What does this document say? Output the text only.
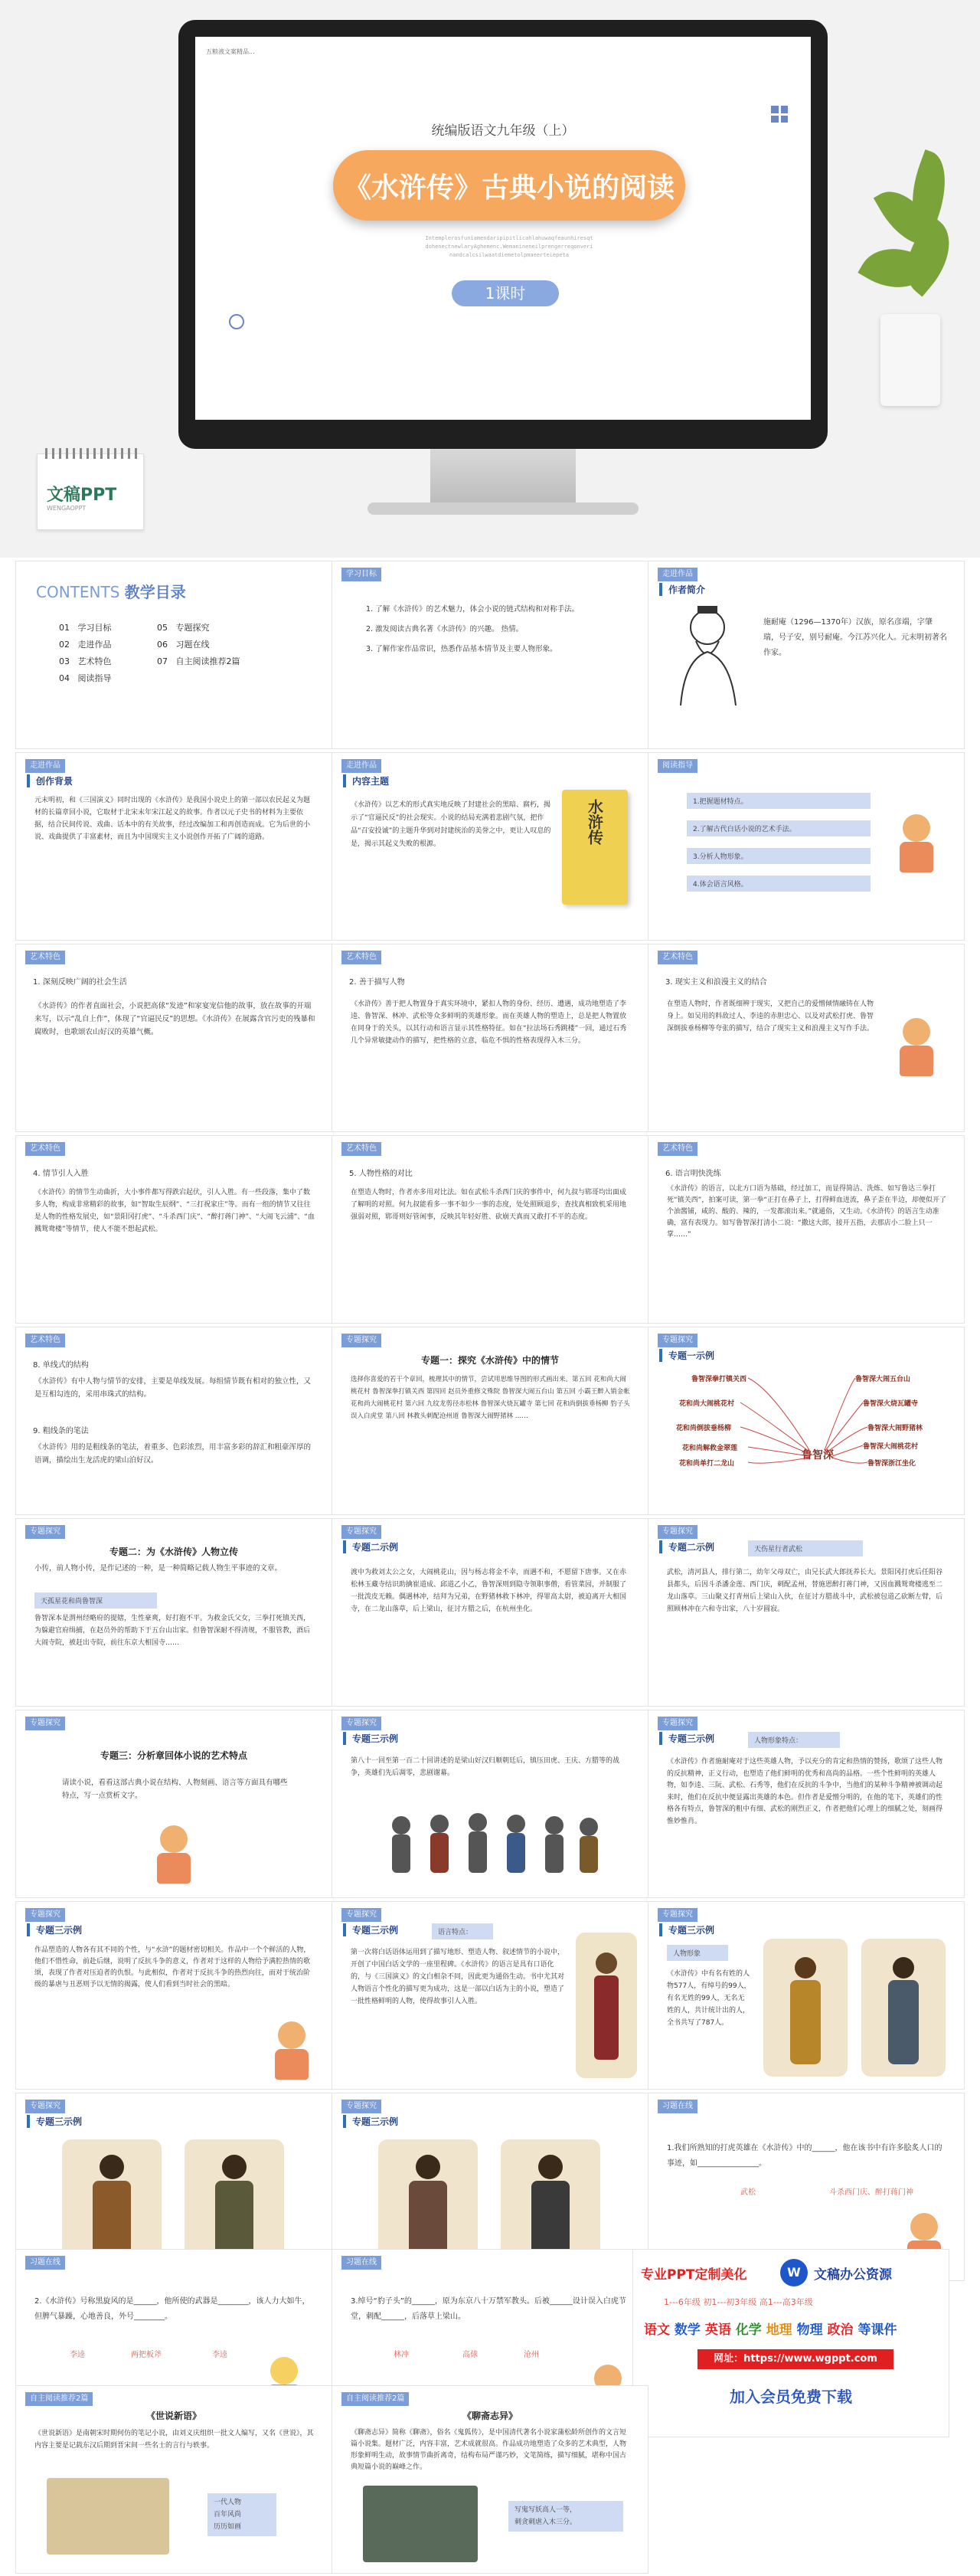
五粮液文案精品...
统编版语文九年级（上）
《水浒传》古典小说的阅读
Intemplerosfuniamendaripipitlicahlahuwaqfeaunhiresqt
dohenectnewlaryAghemenc.Wemanineneilprengerreqonveri
nandcalcsilwaatdiemetolpmaeerteiepeta
1课时
文稿PPT
WENGAOPPT
CONTENTS 教学目录
01 学习目标
02 走进作品
03 艺术特色
04 阅读指导
05 专题探究
06 习题在线
07 自主阅读推荐2篇
学习目标
1. 了解《水浒传》的艺术魅力，体会小说的链式结构和对称手法。
2. 激发阅读古典名著《水浒传》的兴趣。 热情。
3. 了解作家作品常识，热悉作品基本情节及主要人物形象。
走进作品
作者简介
施耐庵（1296—1370年）汉族，原名彦端，字肇瑞，号子安，别号耐庵。今江苏兴化人。元末明初著名作家。
走进作品
创作背景
元末明初，和《三国演义》同时出现的《水浒传》是我国小说史上的第一部以农民起义为题材的长篇章回小说，它取材于北宋末年宋江起义的故事。作者以元子史书的材料为主要依据，结合民间传说、戏曲、话本中的有关故事，经过改编加工和再创造而成。它为后世的小说、戏曲提供了丰富素材，而且为中国现实主义小说创作开拓了广阔的道路。
走进作品
内容主题
《水浒传》以艺术的形式真实地反映了封建社会的黑暗、腐朽，揭示了“官逼民反”的社会现实。小说的结局充满着悲剧气氛，把作品“召安投诚”的主题升华到对封建统治的美誉之中，更让人叹息的是，揭示其起义失败的根源。	水浒传
阅读指导
1.把握题材特点。
2.了解古代白话小说的艺术手法。
3.分析人物形象。
4.体会语言风格。
艺术特色
1. 深刻反映广阔的社会生活
《水浒传》的作者直面社会，小说把高俅“发迹”和家宴宠信他的故事，放在故事的开端来写，以示“乱自上作”，体现了“官逼民反”的思想。《水浒传》在展露含官污吏的残暴和腐败时，也歌颂农山好汉的英雄气概。
艺术特色
2. 善于描写人物
《水浒传》善于把人物置身于真实环境中，紧扣人物的身份、经历、遭遇，成功地塑造了李逵、鲁智深、林冲、武松等众多鲜明的英雄形象。而在英雄人物的塑造上，总是把人物置放在同身于的关头，以其行动和语言显示其性格特征。如在“拉法场石秀跳楼”一回，通过石秀几个异常敏捷动作的描写，把性格的立意，临危不惧的性格表现得入木三分。
艺术特色
3. 现实主义和浪漫主义的结合
在塑造人物时，作者既细辨于现实，又把自己的爱憎倾情融铸在人物身上。如吴用的料敌过人、李逵的赤胆忠心、以及对武松打虎、鲁智深倒拔垂杨柳等夸张的描写，结合了现实主义和浪漫主义写作手法。
艺术特色
4. 情节引人入胜
《水浒传》的情节生动曲折，大小事件都写得跌宕起伏，引人入胜。有一些段落，集中了数多人物，构成非常精彩的故事，如“智取生辰纲”、“三打祝家庄”等。而有一组的情节又往往是人物的性格发展史，如“景阳冈打虎”、“斗杀西门庆”、“醉打蒋门神”、“大闹飞云浦”、“血溅鸳鸯楼”等情节，使人不能不想起武松。
艺术特色
5. 人物性格的对比
在塑造人物时，作者亦多用对比法。如在武松斗杀西门庆的事件中，何九叔与郓哥均出面成了解明的对照。何九叔能看多一事不如少一事的态度，处处照顾退步，查找真相致机采用地强弱对照，郓哥则好管闲事，反映其年轻好胜、砍崩天真而又敢打不平的态度。
艺术特色
6. 语言明快洗练
《水浒传》的语言，以北方口语为基础，经过加工，而显得简洁、洗炼、如写鲁达三拳打死“镇关西”，拍案可读，第一拳“正打在鼻子上，打得鲜血迸流，鼻子歪在半边，却便似开了个油酱铺，咸的、酸的、辣的，一发都滚出来。”就通俗，又生动。《水浒传》的语言生动准确，富有表现力。如写鲁智深打清小二说：“撒这大郎，接开五指，去那店小二脸上只一掌……”
艺术特色
8. 单线式的结构
《水浒传》有中人物与情节的安排，主要是单线发展。每组情节既有相对的独立性，又是互相勾连的，采用串珠式的结构。
9. 粗线条的笔法
《水浒传》用的是粗线条的笔法，着重多、色彩浓烈，用丰富多彩的辞汇和粗豪浑厚的语调，描绘出生龙活虎的梁山泊好汉。
专题探究
专题一：探究《水浒传》中的情节
选择你喜爱的若干个章回，梳理其中的情节，尝试用思维导图的形式画出来。第五回 花和尚大闹桃花村 鲁智深拳打镇关西 第四回 赵员外重修文殊院 鲁智深大闹五台山 第五回 小霸王醉入销金帐 花和尚大闹桃花村 第六回 九纹龙剪径赤松林 鲁智深火烧瓦罐寺 第七回 花和尚倒拔垂杨柳 豹子头误入白虎堂 第八回 林教头刺配沧州道 鲁智深大闹野猪林 ……
专题探究
专题一示例
鲁智深
鲁智深拳打镇关西	鲁智深大闹五台山
花和尚大闹桃花村	鲁智深火烧瓦罐寺
花和尚倒拔垂杨柳	鲁智深大闹野猪林
花和尚单打二龙山	鲁智深浙江坐化
花和尚解救金翠莲	鲁智深大闹桃花村
专题探究
专题二：为《水浒传》人物立传
小传，前人物小传，是作记述的一种，是一种简略记载人物生平事迹的文章。
天孤星花和尚鲁智深
鲁智深本是渭州经略府的提辖，生性豪爽，好打抱不平。为救金氏父女，三拳打死镇关西，为躲避官府缉捕，在赵员外的帮助下于五台山出家。但鲁智深耐不得清规，不服管教，酒后大闹寺院，被赶出寺院，前往东京大相国寺……
专题探究
专题二示例
渡中为救刘太公之女，大闹桃花山，因与杨志将金不幸，而遇不和，不愿留下唐事。又在赤松林玉藏寺结识助擒崔道成、邱道乙小乙，鲁智深则到隐寺领职事僧，看管菜园，并制服了一批泼皮无赖。偶遇林冲，结拜为兄弟，在野猪林救下林冲，得罪高太尉，被迫离开大相国寺，在二龙山落草，后上梁山，征讨方腊之后，在杭州坐化。
专题探究
专题二示例	天伤星行者武松
武松，清河县人，排行第二，幼年父母双亡，由兄长武大郎抚养长大。景阳冈打虎后任阳谷县都头，后因斗杀潘金莲、西门庆，刺配孟州，替施恩醉打蒋门神，又因血溅鸳鸯楼逃至二龙山落草。三山聚义打青州后上梁山入伙，在征讨方腊战斗中，武松被包道乙砍断左臂，后照顾林冲在六和寺出家，八十岁圆寂。
专题探究
专题三：分析章回体小说的艺术特点
请读小说，看看这部古典小说在结构、人物刻画、语言等方面具有哪些特点，写一点赏析文字。
专题探究
专题三示例
第八十一回至第一百二十回讲述的是梁山好汉归顺朝廷后，镇压田虎、王庆、方腊等的战争，英雄们先后凋零，悲剧谢幕。
专题探究
专题三示例	人物形象特点：
《水浒传》作者施耐庵对于这些英雄人物，予以充分的肯定和热情的赞扬，歌颂了这些人物的反抗精神，正义行动，也塑造了他们鲜明的优秀和高尚的品格。一些个性鲜明的英雄人物，如李逵、三阮、武松、石秀等，他们在反抗的斗争中，当他们的某种斗争精神被调动起来时，他们在反抗中便显露出英雄的本色。但作者是爱憎分明的，在他的笔下，英雄们的性格各有特点，鲁智深的粗中有细、武松的刚烈正义，作者把他们心理上的细腻之处，刻画得惟妙惟肖。
专题探究
专题三示例
作品塑造的人物各有其不同的个性，与“水浒”的题材密切相关。作品中一个个鲜活的人物，他们不惜性命，前赴后继，说明了反抗斗争的意义，作者对于这样的人物给予满腔热情的歌颂，表现了作者对压迫者的仇恨。与此相似，作者对于反抗斗争的热烈向往，而对于统治阶级的暴虐与丑恶则予以无情的揭露，使人们看到当时社会的黑暗。
专题探究
专题三示例	语言特点：
第一次将白话语体运用到了描写地形、塑造人物、叙述情节的小说中，开创了中国白话文学的一座里程碑。《水浒传》的语言是具有口语化的，与《三国演义》的文白相杂不同，因此更为通俗生动。书中尤其对人物语言个性化的描写更为成功，这是一部以白话为主的小说，塑造了一批性格鲜明的人物，使得故事引人入胜。
专题探究
专题三示例
人物形象
《水浒传》中有名有姓的人物577人，有绰号的99人，有名无姓的99人，无名无姓的人，共计统计出的人，全书共写了787人。
专题探究
专题三示例
专题探究
专题三示例
习题在线
1.我们所熟知的打虎英雄在《水浒传》中的______，他在该书中有许多脍炙人口的事迹，如________________。
武松	斗杀西门庆、醉打蒋门神
习题在线
2.《水浒传》号称黑旋风的是______，他所使的武器是________，该人力大如牛，但脾气暴躁，心地善良，外号________。
李逵	两把板斧	李逵
习题在线
3.绰号“豹子头”的______，原为东京八十万禁军教头。后被______设计误入白虎节堂，刺配______，后落草上梁山。
林冲	高俅	沧州
专业PPT定制美化	W	文稿办公资源
1---6年级 初1---初3年级 高1---高3年级
语文 数学 英语 化学 地理 物理 政治 等课件
网址：https://www.wgppt.com
加入会员免费下载
自主阅读推荐2篇
《世说新语》
《世说新语》是南朝宋时期何仿的笔记小说，由刘义庆组织一批文人编写，又名《世说》，其内容主要是记载东汉后期到晋宋间一些名士的言行与轶事。
一代人物
百年风尚
历历如画
自主阅读推荐2篇
《聊斋志异》
《聊斋志异》简称《聊斋》，俗名《鬼狐传》，是中国清代著名小说家蒲松龄所创作的文言短篇小说集。题材广泛，内容丰富，艺术成就很高。作品成功地塑造了众多的艺术典型，人物形象鲜明生动，故事情节曲折离奇，结构布局严谨巧妙，文笔简练，描写细腻，堪称中国古典短篇小说的巅峰之作。
写鬼写妖高人一等，
刺贪刺虐入木三分。
